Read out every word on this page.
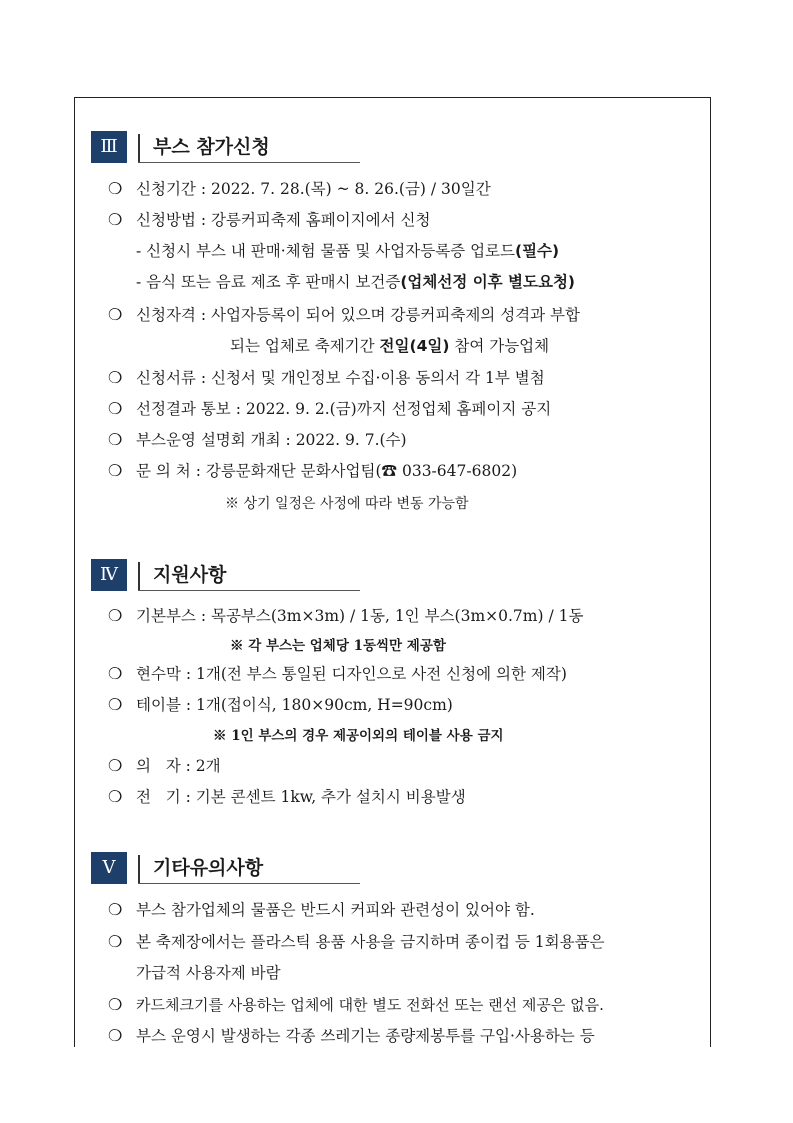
Ⅲ	부스 참가신청
❍ 신청기간 : 2022. 7. 28.(목) ~ 8. 26.(금) / 30일간
❍ 신청방법 : 강릉커피축제 홈페이지에서 신청
- 신청시 부스 내 판매·체험 물품 및 사업자등록증 업로드(필수)
- 음식 또는 음료 제조 후 판매시 보건증(업체선정 이후 별도요청)
❍ 신청자격 : 사업자등록이 되어 있으며 강릉커피축제의 성격과 부합
되는 업체로 축제기간 전일(4일) 참여 가능업체
❍ 신청서류 : 신청서 및 개인정보 수집·이용 동의서 각 1부 별첨
❍ 선정결과 통보 : 2022. 9. 2.(금)까지 선정업체 홈페이지 공지
❍ 부스운영 설명회 개최 : 2022. 9. 7.(수)
❍ 문 의 처 : 강릉문화재단 문화사업팀(☎ 033-647-6802)
※ 상기 일정은 사정에 따라 변동 가능함
Ⅳ	지원사항
❍ 기본부스 : 목공부스(3m×3m) / 1동, 1인 부스(3m×0.7m) / 1동
※ 각 부스는 업체당 1동씩만 제공함
❍ 현수막 : 1개(전 부스 통일된 디자인으로 사전 신청에 의한 제작)
❍ 테이블 : 1개(접이식, 180×90cm, H=90cm)
※ 1인 부스의 경우 제공이외의 테이블 사용 금지
❍ 의   자 : 2개
❍ 전   기 : 기본 콘센트 1kw, 추가 설치시 비용발생
Ⅴ	기타유의사항
❍ 부스 참가업체의 물품은 반드시 커피와 관련성이 있어야 함.
❍ 본 축제장에서는 플라스틱 용품 사용을 금지하며 종이컵 등 1회용품은
가급적 사용자제 바람
❍ 카드체크기를 사용하는 업체에 대한 별도 전화선 또는 랜선 제공은 없음.
❍ 부스 운영시 발생하는 각종 쓰레기는 종량제봉투를 구입·사용하는 등
